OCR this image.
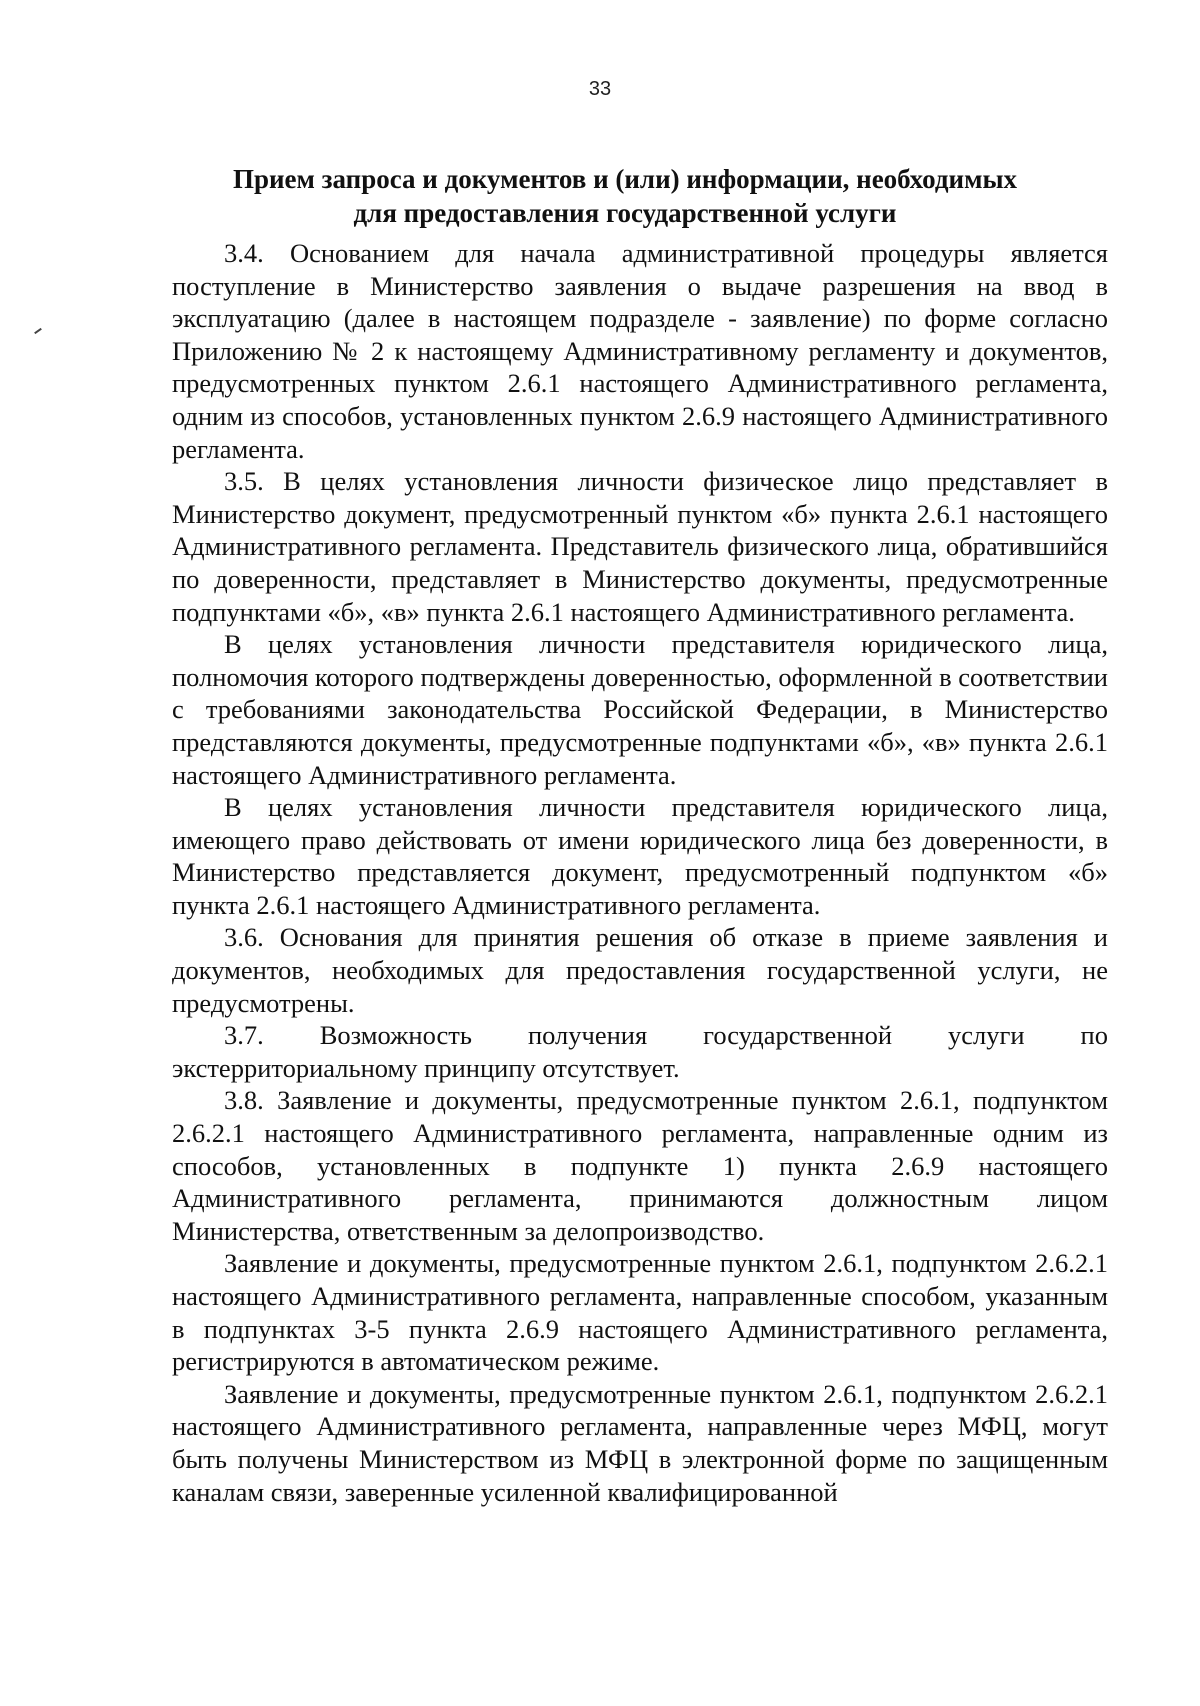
33
Прием запроса и документов и (или) информации, необходимых
для предоставления государственной услуги

3.4. Основанием для начала административной процедуры является поступление в Министерство заявления о выдаче разрешения на ввод в эксплуатацию (далее в настоящем подразделе - заявление) по форме согласно Приложению № 2 к настоящему Административному регламенту и документов, предусмотренных пунктом 2.6.1 настоящего Административного регламента, одним из способов, установленных пунктом 2.6.9 настоящего Административного регламента.

3.5. В целях установления личности физическое лицо представляет в Министерство документ, предусмотренный пунктом «б» пункта 2.6.1 настоящего Административного регламента. Представитель физического лица, обратившийся по доверенности, представляет в Министерство документы, предусмотренные подпунктами «б», «в» пункта 2.6.1 настоящего Административного регламента.

В целях установления личности представителя юридического лица, полномочия которого подтверждены доверенностью, оформленной в соответствии с требованиями законодательства Российской Федерации, в Министерство представляются документы, предусмотренные подпунктами «б», «в» пункта 2.6.1 настоящего Административного регламента.

В целях установления личности представителя юридического лица, имеющего право действовать от имени юридического лица без доверенности, в Министерство представляется документ, предусмотренный подпунктом «б» пункта 2.6.1 настоящего Административного регламента.

3.6. Основания для принятия решения об отказе в приеме заявления и документов, необходимых для предоставления государственной услуги, не предусмотрены.

3.7. Возможность получения государственной услуги по экстерриториальному принципу отсутствует.

3.8. Заявление и документы, предусмотренные пунктом 2.6.1, подпунктом 2.6.2.1 настоящего Административного регламента, направленные одним из способов, установленных в подпункте 1) пункта 2.6.9 настоящего Административного регламента, принимаются должностным лицом Министерства, ответственным за делопроизводство.

Заявление и документы, предусмотренные пунктом 2.6.1, подпунктом 2.6.2.1 настоящего Административного регламента, направленные способом, указанным в подпунктах 3-5 пункта 2.6.9 настоящего Административного регламента, регистрируются в автоматическом режиме.

Заявление и документы, предусмотренные пунктом 2.6.1, подпунктом 2.6.2.1 настоящего Административного регламента, направленные через МФЦ, могут быть получены Министерством из МФЦ в электронной форме по защищенным каналам связи, заверенные усиленной квалифицированной
